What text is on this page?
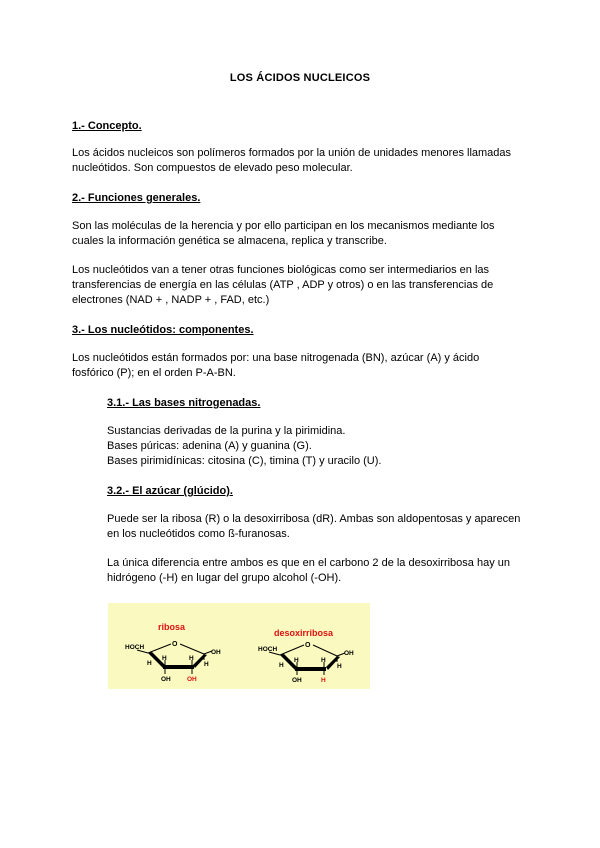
LOS ÁCIDOS NUCLEICOS
1.- Concepto.
Los ácidos nucleicos son polímeros formados por la unión de unidades menores llamadas
nucleótidos. Son compuestos de elevado peso molecular.
2.- Funciones generales.
Son las moléculas de la herencia y por ello participan en los mecanismos mediante los
cuales la información genética se almacena, replica y transcribe.
Los nucleótidos van a tener otras funciones biológicas como ser intermediarios en las
transferencias de energía en las células (ATP , ADP y otros) o en las transferencias de
electrones (NAD + , NADP + , FAD, etc.)
3.- Los nucleótidos: componentes.
Los nucleótidos están formados por: una base nitrogenada (BN), azúcar (A) y ácido
fosfórico (P); en el orden P-A-BN.
3.1.- Las bases nitrogenadas.
Sustancias derivadas de la purina y la pirimidina.
Bases púricas: adenina (A) y guanina (G).
Bases pirimidínicas: citosina (C), timina (T) y uracilo (U).
3.2.- El azúcar (glúcido).
Puede ser la ribosa (R) o la desoxirribosa (dR). Ambas son aldopentosas y aparecen
en los nucleótidos como ß-furanosas.
La única diferencia entre ambos es que en el carbono 2 de la desoxirribosa hay un
hidrógeno (-H) en lugar del grupo alcohol (-OH).
ribosa
HOCH	O
OH
H	H
H	H
OH	OH
desoxirribosa
HOCH
O
OH
H	H
H	H
OH	H
